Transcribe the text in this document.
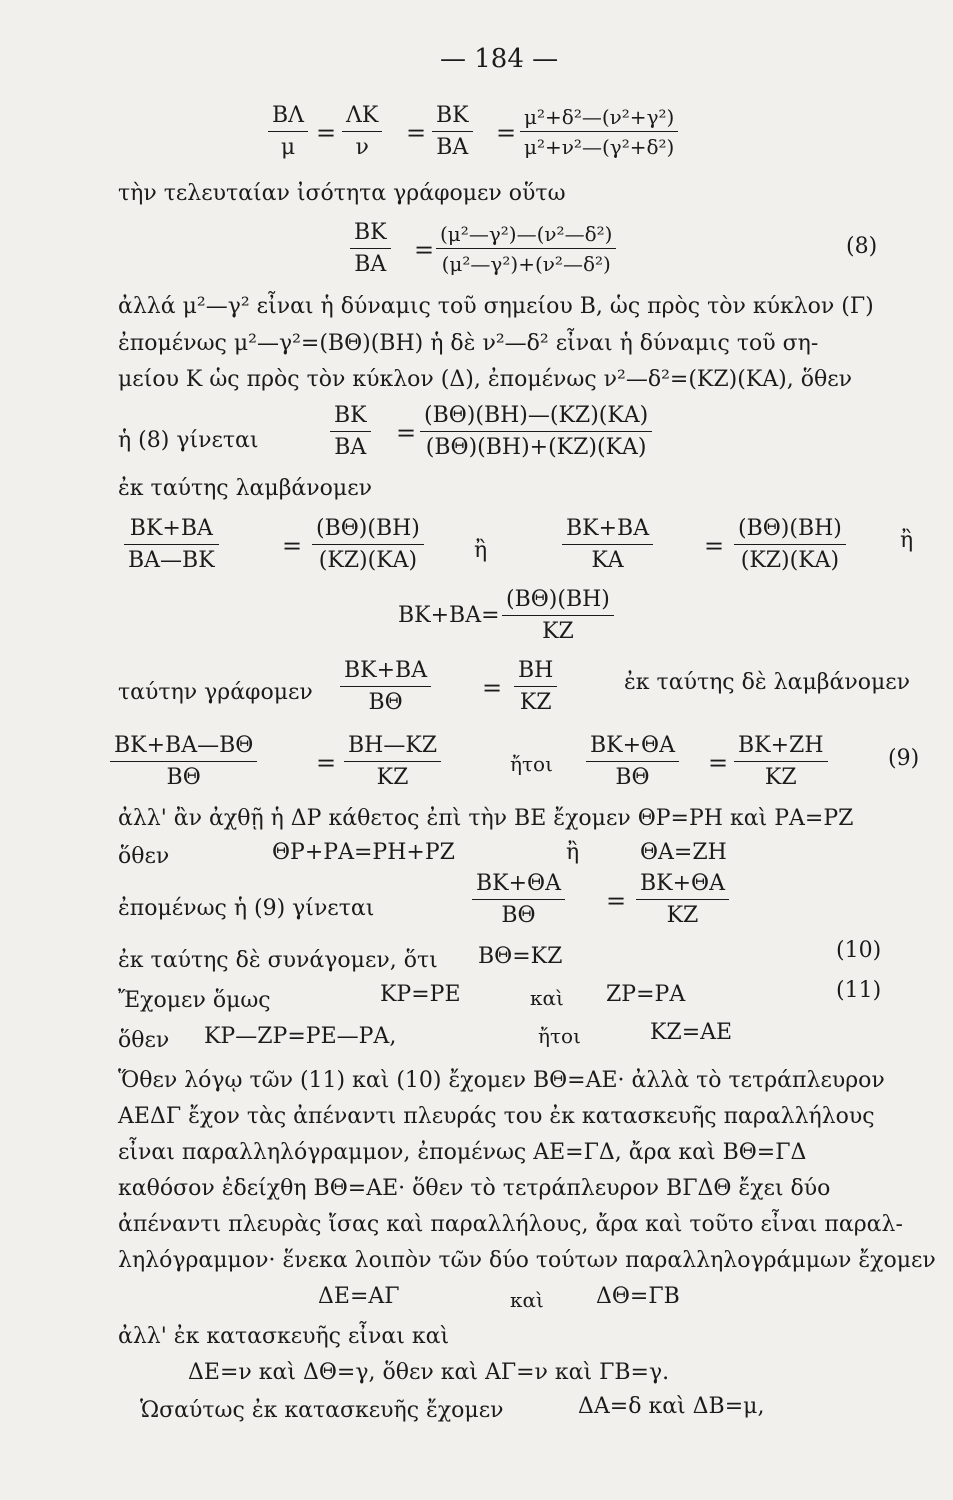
— 184 —
ΒΛ
μ
=
ΛΚ
ν
=
ΒΚ
ΒΑ
=
μ²+δ²—(ν²+γ²)
μ²+ν²—(γ²+δ²)
τὴν τελευταίαν ἰσότητα γράφομεν οὕτω
ΒΚ
ΒΑ
=
(μ²—γ²)—(ν²—δ²)
(μ²—γ²)+(ν²—δ²)
(8)
ἀλλά μ²—γ² εἶναι ἡ δύναμις τοῦ σημείου Β, ὡς πρὸς τὸν κύκλον (Γ)
ἐπομένως μ²—γ²=(ΒΘ)(ΒΗ) ἡ δὲ ν²—δ² εἶναι ἡ δύναμις τοῦ ση-
μείου Κ ὡς πρὸς τὸν κύκλον (Δ), ἐπομένως ν²—δ²=(ΚΖ)(ΚΑ), ὅθεν
ἡ (8) γίνεται
ΒΚ
ΒΑ
=
(ΒΘ)(ΒΗ)—(ΚΖ)(ΚΑ)
(ΒΘ)(ΒΗ)+(ΚΖ)(ΚΑ)
ἐκ ταύτης λαμβάνομεν
ΒΚ+ΒΑ
ΒΑ—ΒΚ
=
(ΒΘ)(ΒΗ)
(ΚΖ)(ΚΑ)	ἢ
ΒΚ+ΒΑ
ΚΑ
=
(ΒΘ)(ΒΗ)
(ΚΖ)(ΚΑ)
ἢ
ΒΚ+ΒΑ=
(ΒΘ)(ΒΗ)
ΚΖ
ταύτην γράφομεν
ΒΚ+ΒΑ
ΒΘ
=
ΒΗ
ΚΖ
ἐκ ταύτης δὲ λαμβάνομεν
ΒΚ+ΒΑ—ΒΘ
ΒΘ
=
ΒΗ—ΚΖ
ΚΖ
ἤτοι
ΒΚ+ΘΑ
ΒΘ
=
ΒΚ+ΖΗ
ΚΖ
(9)
ἀλλ' ἂν ἀχθῇ ἡ ΔΡ κάθετος ἐπὶ τὴν ΒΕ ἔχομεν ΘΡ=ΡΗ καὶ ΡΑ=ΡΖ
ὅθεν	ΘΡ+ΡΑ=ΡΗ+ΡΖ	ἢ	ΘΑ=ΖΗ
ἐπομένως ἡ (9) γίνεται
ΒΚ+ΘΑ
ΒΘ
=
ΒΚ+ΘΑ
ΚΖ
ἐκ ταύτης δὲ συνάγομεν, ὅτι ΒΘ=ΚΖ	(10)
Ἔχομεν ὅμως	ΚΡ=ΡΕ	καὶ ΖΡ=ΡΑ	(11)
ὅθεν ΚΡ—ΖΡ=ΡΕ—ΡΑ,	ἤτοι	ΚΖ=ΑΕ
Ὅθεν λόγῳ τῶν (11) καὶ (10) ἔχομεν ΒΘ=ΑΕ· ἀλλὰ τὸ τετράπλευρον
ΑΕΔΓ ἔχον τὰς ἀπέναντι πλευράς του ἐκ κατασκευῆς παραλλήλους
εἶναι παραλληλόγραμμον, ἐπομένως ΑΕ=ΓΔ, ἄρα καὶ ΒΘ=ΓΔ
καθόσον ἐδείχθη ΒΘ=ΑΕ· ὅθεν τὸ τετράπλευρον ΒΓΔΘ ἔχει δύο
ἀπέναντι πλευρὰς ἴσας καὶ παραλλήλους, ἄρα καὶ τοῦτο εἶναι παραλ-
ληλόγραμμον· ἕνεκα λοιπὸν τῶν δύο τούτων παραλληλογράμμων ἔχομεν
ΔΕ=ΑΓ	καὶ ΔΘ=ΓΒ
ἀλλ' ἐκ κατασκευῆς εἶναι καὶ
ΔΕ=ν καὶ ΔΘ=γ, ὅθεν καὶ ΑΓ=ν καὶ ΓΒ=γ.
Ὡσαύτως ἐκ κατασκευῆς ἔχομεν	ΔΑ=δ καὶ ΔΒ=μ,
